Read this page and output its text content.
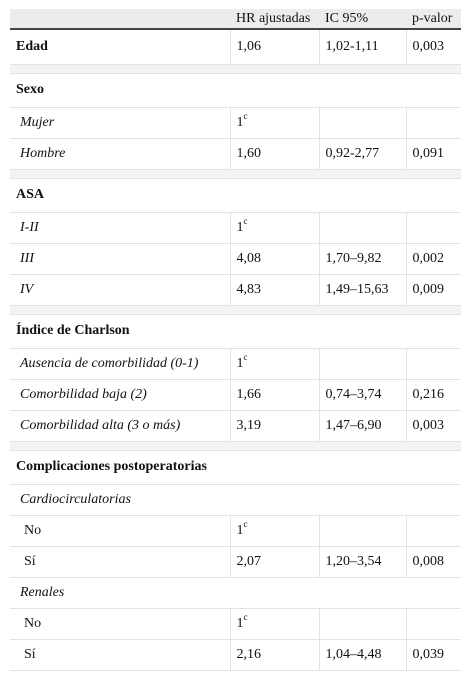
	HR ajustadas	IC 95%	p-valor
Edad	1,06	1,02-1,11	0,003

Sexo			
Mujer	1$^c$		
Hombre	1,60	0,92-2,77	0,091

ASA			
I-II	1$^c$		
III	4,08	1,70–9,82	0,002
IV	4,83	1,49–15,63	0,009

Índice de Charlson			
Ausencia de comorbilidad (0-1)	1$^c$		
Comorbilidad baja (2)	1,66	0,74–3,74	0,216
Comorbilidad alta (3 o más)	3,19	1,47–6,90	0,003

Complicaciones postoperatorias			
Cardiocirculatorias			
No	1$^c$		
Sí	2,07	1,20–3,54	0,008
Renales			
No	1$^c$		
Sí	2,16	1,04–4,48	0,039
